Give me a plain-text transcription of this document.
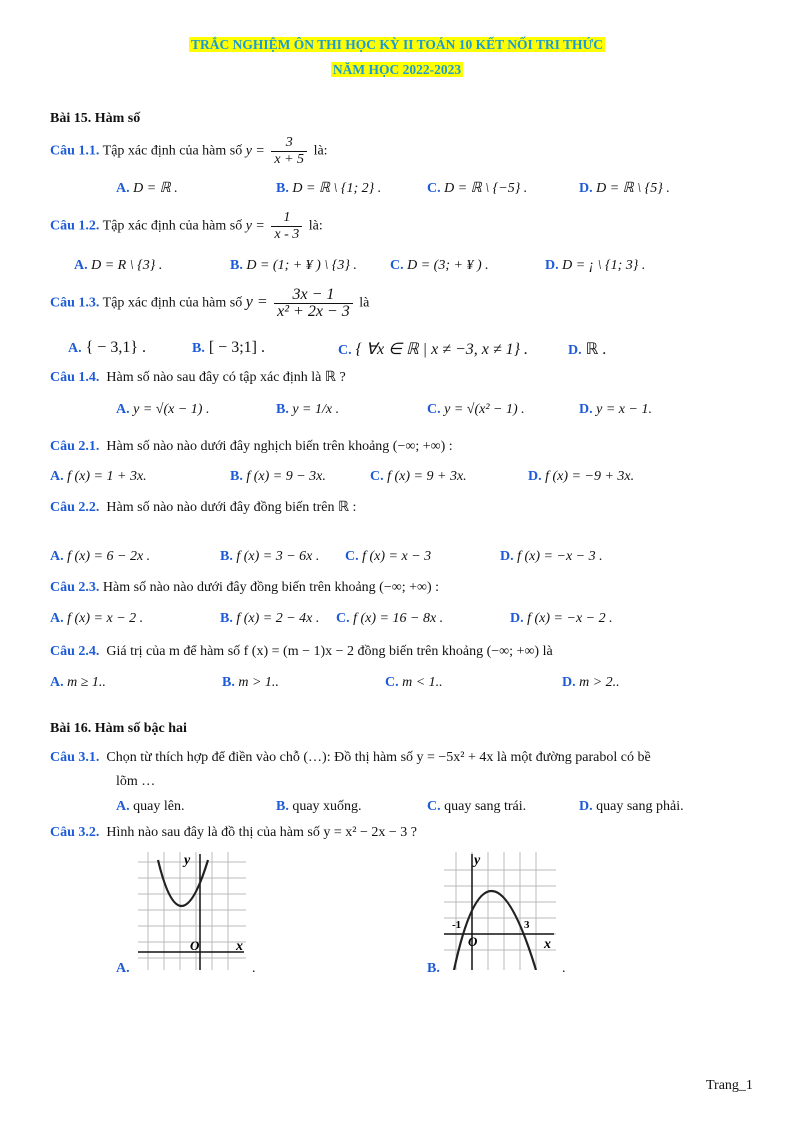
TRẮC NGHIỆM ÔN THI HỌC KỲ II TOÁN 10 KẾT NỐI TRI THỨC
NĂM HỌC 2022-2023
Bài 15. Hàm số
Câu 1.1. Tập xác định của hàm số $y = \frac{3}{x + 5}$ là:
A. D = ℝ .	B. D = ℝ \ {1; 2} .	C. D = ℝ \ {−5} .	D. D = ℝ \ {5} .
Câu 1.2. Tập xác định của hàm số $y = \frac{1}{x - 3}$ là:
A. D = R \ {3} .	B. D = (1; + ¥ ) \ {3} . C. D = (3; + ¥ ) .	D. D = ¡ \ {1; 3} .
Câu 1.3. Tập xác định của hàm số $y = \frac{3x - 1}{\text{x² + 2x − 3}}$ là
A. { − 3,1} .	B. [ − 3;1] .	C. { ∀x ∈ ℝ | x ≠ −3, x ≠ 1} .	D. ℝ .
Câu 1.4. Hàm số nào sau đây có tập xác định là ℝ ?
A. y = √(x − 1) .	B. y = 1/x .	C. y = √(x² − 1) .	D. y = x − 1.
Câu 2.1. Hàm số nào nào dưới đây nghịch biến trên khoảng (−∞; +∞) :
A. f (x) = 1 + 3x.	B. f (x) = 9 − 3x.	C. f (x) = 9 + 3x.	D. f (x) = −9 + 3x.
Câu 2.2. Hàm số nào nào dưới đây đồng biến trên ℝ :
A. f (x) = 6 − 2x .	B. f (x) = 3 − 6x . C. f (x) = x − 3	D. f (x) = −x − 3 .
Câu 2.3. Hàm số nào nào dưới đây đồng biến trên khoảng (−∞; +∞) :
A. f (x) = x − 2 .	B. f (x) = 2 − 4x . C. f (x) = 16 − 8x .	D. f (x) = −x − 2 .
Câu 2.4. Giá trị của m để hàm số f (x) = (m − 1)x − 2 đồng biến trên khoảng (−∞; +∞) là
A. m ≥ 1..	B. m > 1..	C. m < 1..	D. m > 2..
Bài 16. Hàm số bậc hai
Câu 3.1. Chọn từ thích hợp để điền vào chỗ (…): Đồ thị hàm số y = −5x² + 4x là một đường parabol có bề
lõm …
A. quay lên.	B. quay xuống.	C. quay sang trái.	D. quay sang phải.
Câu 3.2. Hình nào sau đây là đồ thị của hàm số y = x² − 2x − 3 ?
y
O	x
A.	.
y
-1
O
3
x
B.	.
Trang_1
